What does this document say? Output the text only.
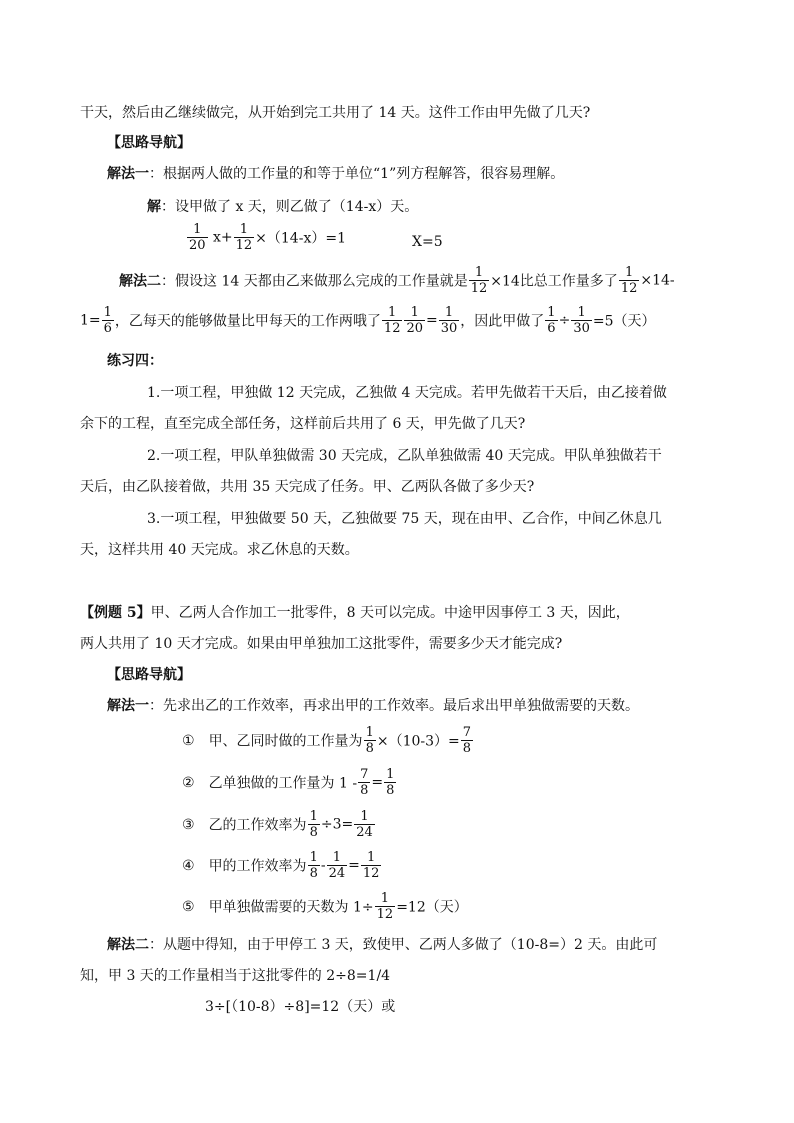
干天，然后由乙继续做完，从开始到完工共用了 14 天。这件工作由甲先做了几天?
【思路导航】
解法一：根据两人做的工作量的和等于单位“1”列方程解答，很容易理解。
解：设甲做了 x 天，则乙做了（14-x）天。
$\frac{1}{20} x+ \frac{1}{12} \times(14-x)=1$	X=5
解法二：假设这 14 天都由乙来做那么完成的工作量就是 $\frac{1}{12} \times 14$比总工作量多了 $\frac{1}{12} \times 14-$
$1= \frac{1}{6}$ ，乙每天的能够做量比甲每天的工作两哦了 $\frac{1}{12} \frac{1}{20} = \frac{1}{30}$ ，因此甲做了 $\frac{1}{6} \div \frac{1}{30} =5$（天）
练习四：
1.一项工程，甲独做 12 天完成，乙独做 4 天完成。若甲先做若干天后，由乙接着做
余下的工程，直至完成全部任务，这样前后共用了 6 天，甲先做了几天?
2.一项工程，甲队单独做需 30 天完成，乙队单独做需 40 天完成。甲队单独做若干
天后，由乙队接着做，共用 35 天完成了任务。甲、乙两队各做了多少天?
3.一项工程，甲独做要 50 天，乙独做要 75 天，现在由甲、乙合作，中间乙休息几
天，这样共用 40 天完成。求乙休息的天数。
【例题 5】甲、乙两人合作加工一批零件，8 天可以完成。中途甲因事停工 3 天，因此，
两人共用了 10 天才完成。如果由甲单独加工这批零件，需要多少天才能完成?
【思路导航】
解法一：先求出乙的工作效率，再求出甲的工作效率。最后求出甲单独做需要的天数。
① 甲、乙同时做的工作量为 $\frac{1}{8} \times(10-3)= \frac{7}{8}$
② 乙单独做的工作量为 $1 - \frac{7}{8} = \frac{1}{8}$
③ 乙的工作效率为 $\frac{1}{8} \div 3= \frac{1}{24}$
④ 甲的工作效率为 $\frac{1}{8} - \frac{1}{24} = \frac{1}{12}$
⑤ 甲单独做需要的天数为 $1\div \frac{1}{12} =12$（天）
解法二：从题中得知，由于甲停工 3 天，致使甲、乙两人多做了（10-8=）2 天。由此可
知，甲 3 天的工作量相当于这批零件的 2÷8=1/4
3÷[（10-8）÷8]=12（天）或
